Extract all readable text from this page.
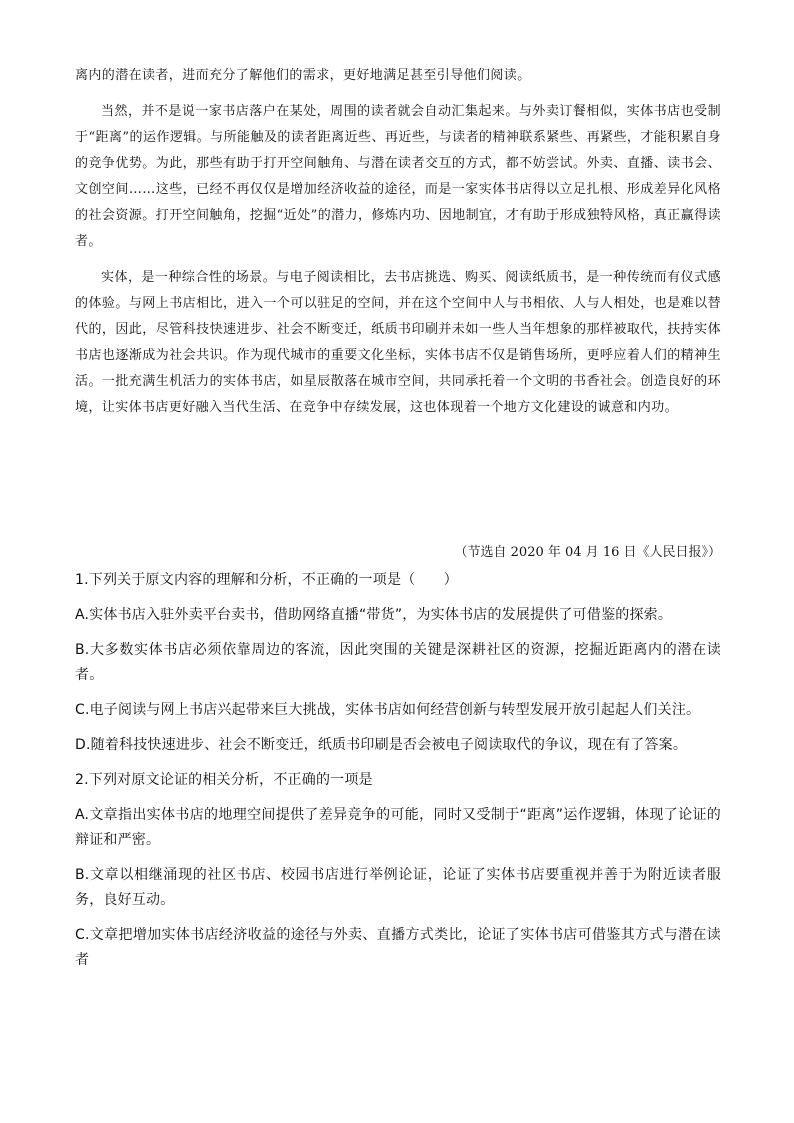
离内的潜在读者，进而充分了解他们的需求，更好地满足甚至引导他们阅读。

当然，并不是说一家书店落户在某处，周围的读者就会自动汇集起来。与外卖订餐相似，实体书店也受制于“距离”的运作逻辑。与所能触及的读者距离近些、再近些，与读者的精神联系紧些、再紧些，才能积累自身的竞争优势。为此，那些有助于打开空间触角、与潜在读者交互的方式，都不妨尝试。外卖、直播、读书会、文创空间……这些，已经不再仅仅是增加经济收益的途径，而是一家实体书店得以立足扎根、形成差异化风格的社会资源。打开空间触角，挖掘“近处”的潜力，修炼内功、因地制宜，才有助于形成独特风格，真正赢得读者。

实体，是一种综合性的场景。与电子阅读相比，去书店挑选、购买、阅读纸质书，是一种传统而有仪式感的体验。与网上书店相比，进入一个可以驻足的空间，并在这个空间中人与书相依、人与人相处，也是难以替代的，因此，尽管科技快速进步、社会不断变迁，纸质书印刷并未如一些人当年想象的那样被取代，扶持实体书店也逐渐成为社会共识。作为现代城市的重要文化坐标，实体书店不仅是销售场所，更呼应着人们的精神生活。一批充满生机活力的实体书店，如星辰散落在城市空间，共同承托着一个文明的书香社会。创造良好的环境，让实体书店更好融入当代生活、在竞争中存续发展，这也体现着一个地方文化建设的诚意和内功。

（节选自 2020 年 04 月 16 日《人民日报》）

1.下列关于原文内容的理解和分析，不正确的一项是（　　）

A.实体书店入驻外卖平台卖书，借助网络直播“带货”，为实体书店的发展提供了可借鉴的探索。

B.大多数实体书店必须依靠周边的客流，因此突围的关键是深耕社区的资源，挖掘近距离内的潜在读者。

C.电子阅读与网上书店兴起带来巨大挑战，实体书店如何经营创新与转型发展开放引起起人们关注。

D.随着科技快速进步、社会不断变迁，纸质书印刷是否会被电子阅读取代的争议，现在有了答案。

2.下列对原文论证的相关分析，不正确的一项是

A.文章指出实体书店的地理空间提供了差异竞争的可能，同时又受制于“距离”运作逻辑，体现了论证的辩证和严密。

B.文章以相继涌现的社区书店、校园书店进行举例论证，论证了实体书店要重视并善于为附近读者服务，良好互动。

C.文章把增加实体书店经济收益的途径与外卖、直播方式类比，论证了实体书店可借鉴其方式与潜在读者
